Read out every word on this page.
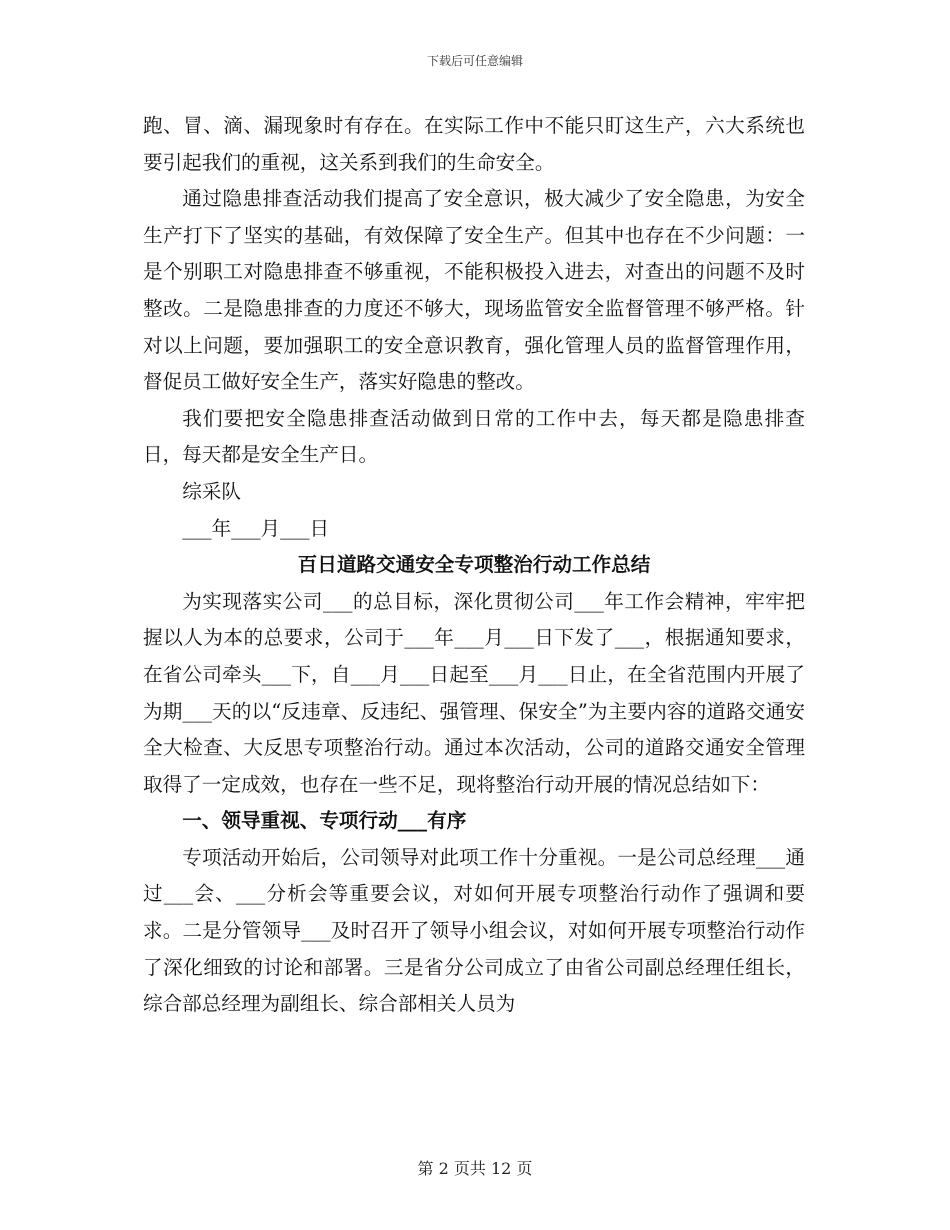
下载后可任意编辑

跑、冒、滴、漏现象时有存在。在实际工作中不能只盯这生产，六大系统也要引起我们的重视，这关系到我们的生命安全。

通过隐患排查活动我们提高了安全意识，极大减少了安全隐患，为安全生产打下了坚实的基础，有效保障了安全生产。但其中也存在不少问题：一是个别职工对隐患排查不够重视，不能积极投入进去，对查出的问题不及时整改。二是隐患排查的力度还不够大，现场监管安全监督管理不够严格。针对以上问题，要加强职工的安全意识教育，强化管理人员的监督管理作用，督促员工做好安全生产，落实好隐患的整改。

我们要把安全隐患排查活动做到日常的工作中去，每天都是隐患排查日，每天都是安全生产日。

综采队

___年___月___日

百日道路交通安全专项整治行动工作总结

为实现落实公司___的总目标，深化贯彻公司___年工作会精神，牢牢把握以人为本的总要求，公司于___年___月___日下发了___，根据通知要求，在省公司牵头___下，自___月___日起至___月___日止，在全省范围内开展了为期___天的以“反违章、反违纪、强管理、保安全”为主要内容的道路交通安全大检查、大反思专项整治行动。通过本次活动，公司的道路交通安全管理取得了一定成效，也存在一些不足，现将整治行动开展的情况总结如下：

一、领导重视、专项行动___有序

专项活动开始后，公司领导对此项工作十分重视。一是公司总经理___通过___会、___分析会等重要会议，对如何开展专项整治行动作了强调和要求。二是分管领导___及时召开了领导小组会议，对如何开展专项整治行动作了深化细致的讨论和部署。三是省分公司成立了由省公司副总经理任组长，综合部总经理为副组长、综合部相关人员为

第 2 页共 12 页
